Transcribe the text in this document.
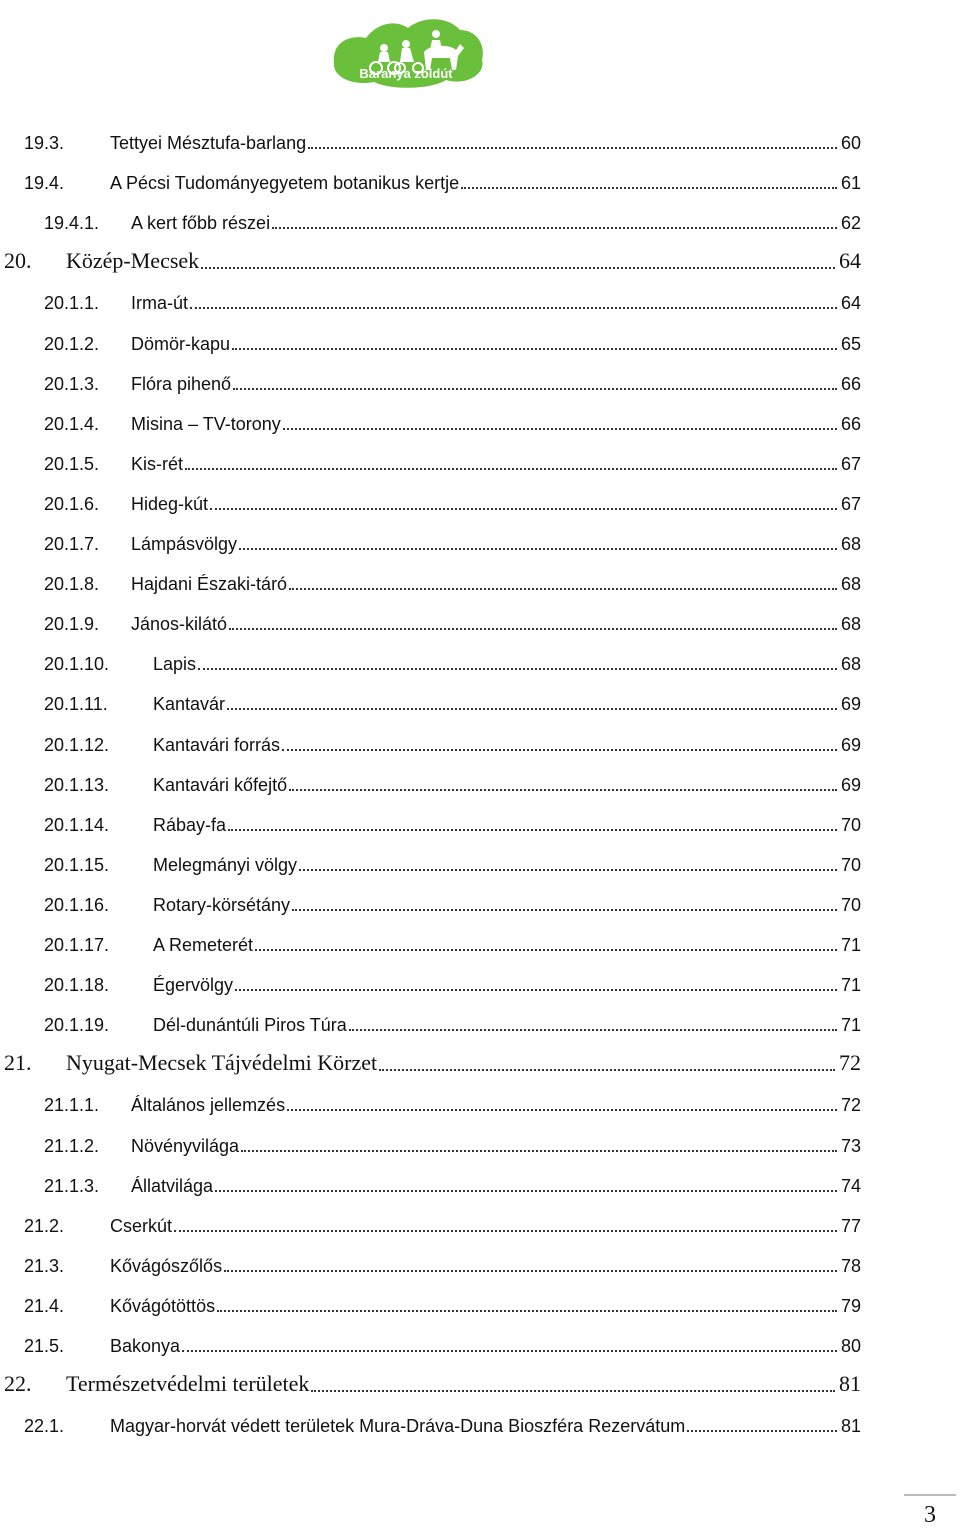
Baranya zöldút
19.3.	Tettyei Mésztufa-barlang	60
19.4.	A Pécsi Tudományegyetem botanikus kertje	61
19.4.1. A kert főbb részei	62
20. Közép-Mecsek	64
20.1.1. Irma-út	64
20.1.2. Dömör-kapu	65
20.1.3. Flóra pihenő	66
20.1.4. Misina – TV-torony	66
20.1.5. Kis-rét	67
20.1.6. Hideg-kút	67
20.1.7. Lámpásvölgy	68
20.1.8. Hajdani Északi-táró	68
20.1.9. János-kilátó	68
20.1.10. Lapis	68
20.1.11.	Kantavár	69
20.1.12. Kantavári forrás	69
20.1.13. Kantavári kőfejtő	69
20.1.14. Rábay-fa	70
20.1.15. Melegmányi völgy	70
20.1.16. Rotary-körsétány	70
20.1.17. A Remeterét	71
20.1.18. Égervölgy	71
20.1.19. Dél-dunántúli Piros Túra	71
21. Nyugat-Mecsek Tájvédelmi Körzet	72
21.1.1. Általános jellemzés	72
21.1.2. Növényvilága	73
21.1.3. Állatvilága	74
21.2.	Cserkút	77
21.3.	Kővágószőlős	78
21.4.	Kővágótöttös	79
21.5.	Bakonya	80
22. Természetvédelmi területek	81
22.1.	Magyar-horvát védett területek Mura-Dráva-Duna Bioszféra Rezervátum	81
3
